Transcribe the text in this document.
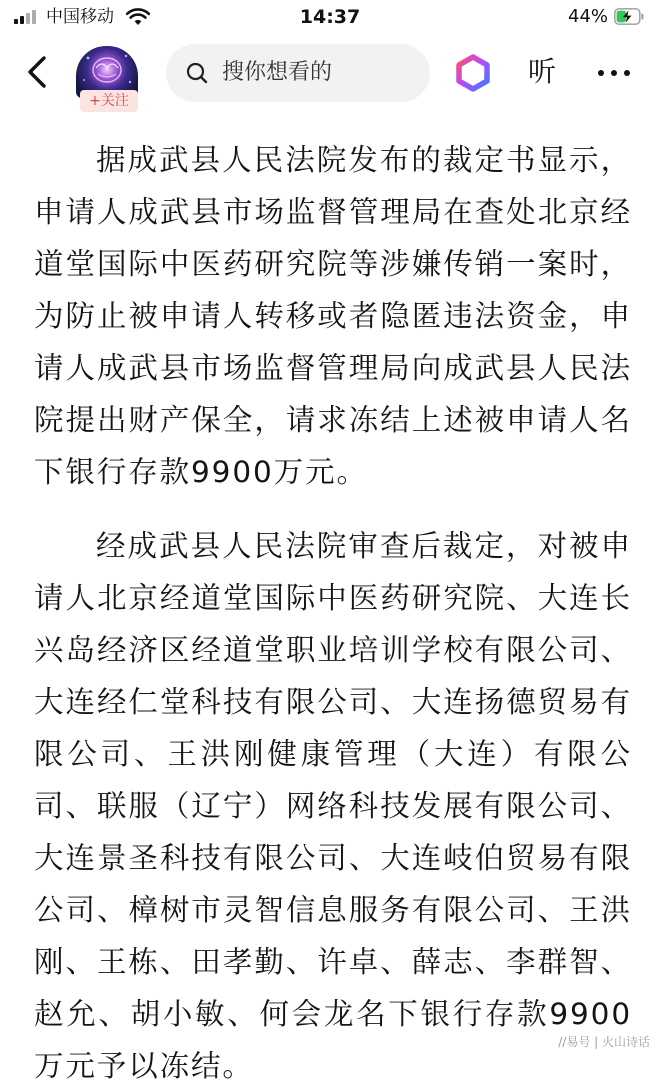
中国移动	14:37	44%
+关注
搜你想看的	听

据成武县人民法院发布的裁定书显示，申请人成武县市场监督管理局在查处北京经道堂国际中医药研究院等涉嫌传销一案时，为防止被申请人转移或者隐匿违法资金，申请人成武县市场监督管理局向成武县人民法院提出财产保全，请求冻结上述被申请人名下银行存款9900万元。

经成武县人民法院审查后裁定，对被申请人北京经道堂国际中医药研究院、大连长兴岛经济区经道堂职业培训学校有限公司、大连经仁堂科技有限公司、大连扬德贸易有限公司、王洪刚健康管理（大连）有限公司、联服（辽宁）网络科技发展有限公司、大连景圣科技有限公司、大连岐伯贸易有限公司、樟树市灵智信息服务有限公司、王洪刚、王栋、田孝勤、许卓、薛志、李群智、赵允、胡小敏、何会龙名下银行存款9900万元予以冻结。

//易号 | 火山诗话
